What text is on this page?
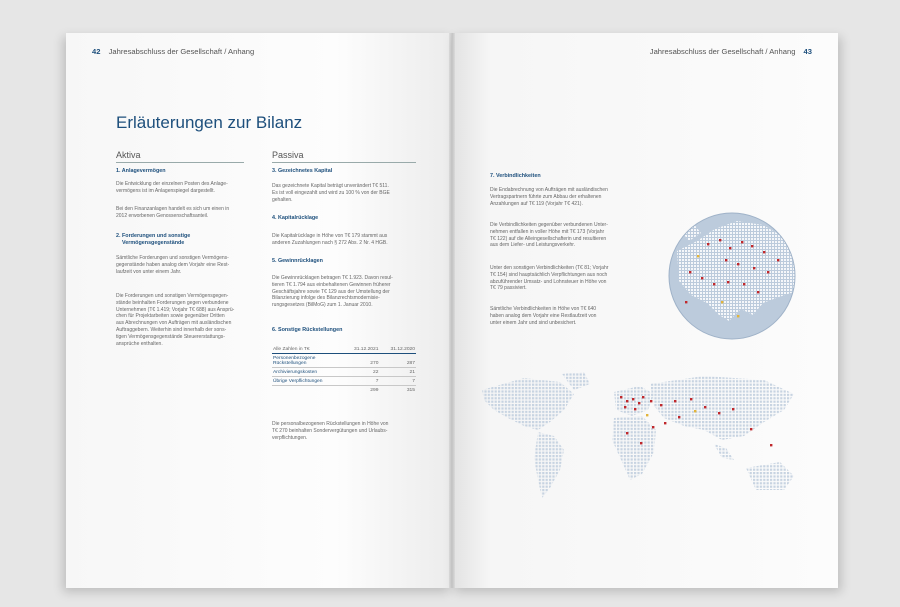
42 Jahresabschluss der Gesellschaft / Anhang
Erläuterungen zur Bilanz
Aktiva	Passiva
1. Anlagevermögen
Die Entwicklung der einzelnen Posten des Anlage-
vermögens ist im Anlagenspiegel dargestellt.
Bei den Finanzanlagen handelt es sich um einen in
2012 erworbenen Genossenschaftsanteil.
2. Forderungen und sonstige
Vermögensgegenstände
Sämtliche Forderungen und sonstigen Vermögens-
gegenstände haben analog dem Vorjahr eine Rest-
laufzeit von unter einem Jahr.
Die Forderungen und sonstigen Vermögensgegen-
stände beinhalten Forderungen gegen verbundene
Unternehmen (T€ 1.419; Vorjahr T€ 688) aus Ansprü-
chen für Projektarbeiten sowie gegenüber Dritten
aus Abrechnungen von Aufträgen mit ausländischen
Auftraggebern. Weiterhin sind innerhalb der sons-
tigen Vermögensgegenstände Steuererstattungs-
ansprüche enthalten.
3. Gezeichnetes Kapital
Das gezeichnete Kapital beträgt unverändert T€ 511.
Es ist voll eingezahlt und wird zu 100 % von der BGE
gehalten.
4. Kapitalrücklage
Die Kapitalrücklage in Höhe von T€ 179 stammt aus
anderen Zuzahlungen nach § 272 Abs. 2 Nr. 4 HGB.
5. Gewinnrücklagen
Die Gewinnrücklagen betragen T€ 1.923. Davon resul-
tieren T€ 1.794 aus einbehaltenen Gewinnen früherer
Geschäftsjahre sowie T€ 129 aus der Umstellung der
Bilanzierung infolge des Bilanzrechtsmodernisie-
rungsgesetzes (BilMoG) zum 1. Januar 2010.
6. Sonstige Rückstellungen
Alle Zahlen in T€	31.12.2021	31.12.2020

Personenbezogene
Rückstellungen	270	287
Archivierungskosten	22	21
Übrige Verpflichtungen	7	7
	299	315
Die personalbezogenen Rückstellungen in Höhe von
T€ 270 beinhalten Sondervergütungen und Urlaubs-
verpflichtungen.
Jahresabschluss der Gesellschaft / Anhang 43
7. Verbindlichkeiten
Die Endabrechnung von Aufträgen mit ausländischen
Vertragspartnern führte zum Abbau der erhaltenen
Anzahlungen auf T€ 119 (Vorjahr T€ 421).
Die Verbindlichkeiten gegenüber verbundenen Unter-
nehmen entfallen in voller Höhe mit T€ 173 (Vorjahr
T€ 122) auf die Alleingesellschafterin und resultieren
aus dem Liefer- und Leistungsverkehr.
Unter den sonstigen Verbindlichkeiten (T€ 81; Vorjahr
T€ 154) sind hauptsächlich Verpflichtungen aus noch
abzuführender Umsatz- und Lohnsteuer in Höhe von
T€ 79 passiviert.
Sämtliche Verbindlichkeiten in Höhe von T€ 640
haben analog dem Vorjahr eine Restlaufzeit von
unter einem Jahr und sind unbesichert.
